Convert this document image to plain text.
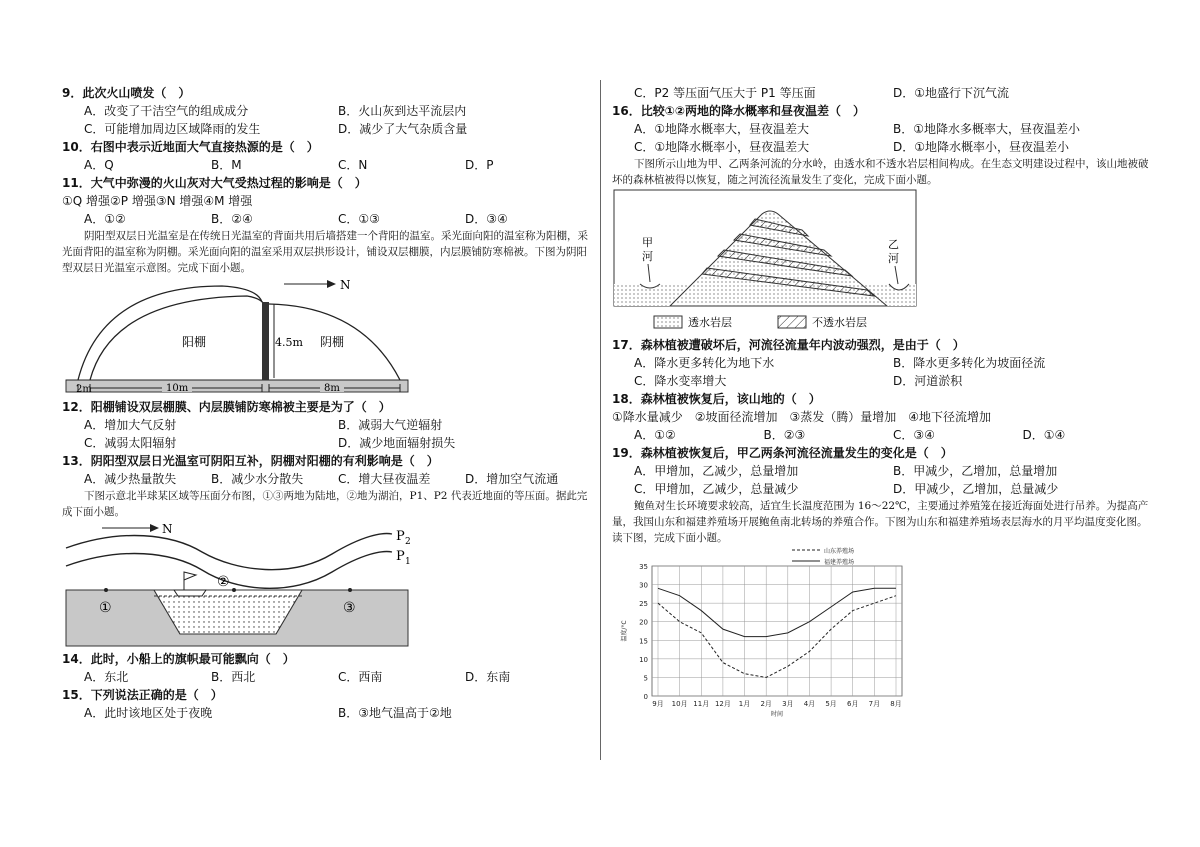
9．此次火山喷发（　）
A．改变了干洁空气的组成成分	B．火山灰到达平流层内
C．可能增加周边区域降雨的发生	D．减少了大气杂质含量
10．右图中表示近地面大气直接热源的是（　）
A．Q	B．M	C．N	D．P
11．大气中弥漫的火山灰对大气受热过程的影响是（　）
①Q 增强②P 增强③N 增强④M 增强
A．①②	B．②④	C．①③	D．③④
阴阳型双层日光温室是在传统日光温室的背面共用后墙搭建一个背阳的温室。采光面向阳的温室称为阳棚，采光面背阳的温室称为阴棚。采光面向阳的温室采用双层拱形设计，铺设双层棚膜，内层膜铺防寒棉被。下图为阴阳型双层日光温室示意图。完成下面小题。
N
阳棚	阴棚
4.5m
2m	10m	8m
12．阳棚铺设双层棚膜、内层膜铺防寒棉被主要是为了（　）
A．增加大气反射	B．减弱大气逆辐射
C．减弱太阳辐射	D．减少地面辐射损失
13．阴阳型双层日光温室可阴阳互补，阴棚对阳棚的有利影响是（　）
A．减少热量散失	B．减少水分散失	C．增大昼夜温差	D．增加空气流通
下图示意北半球某区域等压面分布图，①③两地为陆地，②地为湖泊，P1、P2 代表近地面的等压面。据此完成下面小题。
N	P 2
P 1
①
②
③
14．此时，小船上的旗帜最可能飘向（　）
A．东北	B．西北	C．西南	D．东南
15．下列说法正确的是（　）
A．此时该地区处于夜晚	B．③地气温高于②地
C．P2 等压面气压大于 P1 等压面	D．①地盛行下沉气流
16．比较①②两地的降水概率和昼夜温差（　）
A．①地降水概率大，昼夜温差大	B．①地降水多概率大，昼夜温差小
C．①地降水概率小，昼夜温差大	D．①地降水概率小，昼夜温差小
下图所示山地为甲、乙两条河流的分水岭，由透水和不透水岩层相间构成。在生态文明建设过程中，该山地被破坏的森林植被得以恢复，随之河流径流量发生了变化，完成下面小题。
甲
河
乙
河
透水岩层	不透水岩层
17．森林植被遭破坏后，河流径流量年内波动强烈，是由于（　）
A．降水更多转化为地下水	B．降水更多转化为坡面径流
C．降水变率增大	D．河道淤积
18．森林植被恢复后，该山地的（　）
①降水量减少　②坡面径流增加　③蒸发（腾）量增加　④地下径流增加
A．①②	B．②③	C．③④	D．①④
19．森林植被恢复后，甲乙两条河流径流量发生的变化是（　）
A．甲增加，乙减少，总量增加	B．甲减少，乙增加，总量增加
C．甲增加，乙减少，总量减少	D．甲减少，乙增加，总量减少
鲍鱼对生长环境要求较高，适宜生长温度范围为 16～22℃，主要通过养殖笼在接近海面处进行吊养。为提高产量，我国山东和福建养殖场开展鲍鱼南北转场的养殖合作。下图为山东和福建养殖场表层海水的月平均温度变化图。读下图，完成下面小题。
0
5
10
15
20
25
30
35
9月 10月 11月 12月 1月 2月 3月 4月 5月 6月 7月 8月
温度/°C
时间
山东养殖场
福建养殖场
